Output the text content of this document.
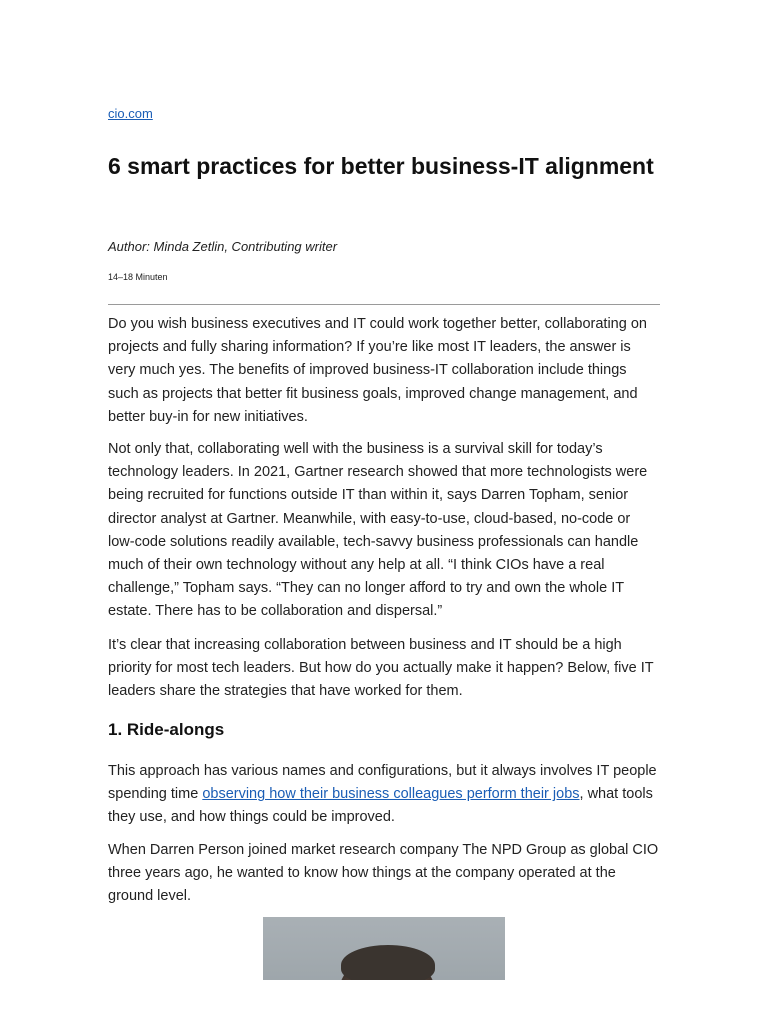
cio.com
6 smart practices for better business-IT alignment
Author: Minda Zetlin, Contributing writer
14–18 Minuten

Do you wish business executives and IT could work together better, collaborating on projects and fully sharing information? If you’re like most IT leaders, the answer is very much yes. The benefits of improved business-IT collaboration include things such as projects that better fit business goals, improved change management, and better buy-in for new initiatives.

Not only that, collaborating well with the business is a survival skill for today’s technology leaders. In 2021, Gartner research showed that more technologists were being recruited for functions outside IT than within it, says Darren Topham, senior director analyst at Gartner. Meanwhile, with easy-to-use, cloud-based, no-code or low-code solutions readily available, tech-savvy business professionals can handle much of their own technology without any help at all. “I think CIOs have a real challenge,” Topham says. “They can no longer afford to try and own the whole IT estate. There has to be collaboration and dispersal.”

It’s clear that increasing collaboration between business and IT should be a high priority for most tech leaders. But how do you actually make it happen? Below, five IT leaders share the strategies that have worked for them.

1. Ride-alongs

This approach has various names and configurations, but it always involves IT people spending time observing how their business colleagues perform their jobs, what tools they use, and how things could be improved.

When Darren Person joined market research company The NPD Group as global CIO three years ago, he wanted to know how things at the company operated at the ground level.
